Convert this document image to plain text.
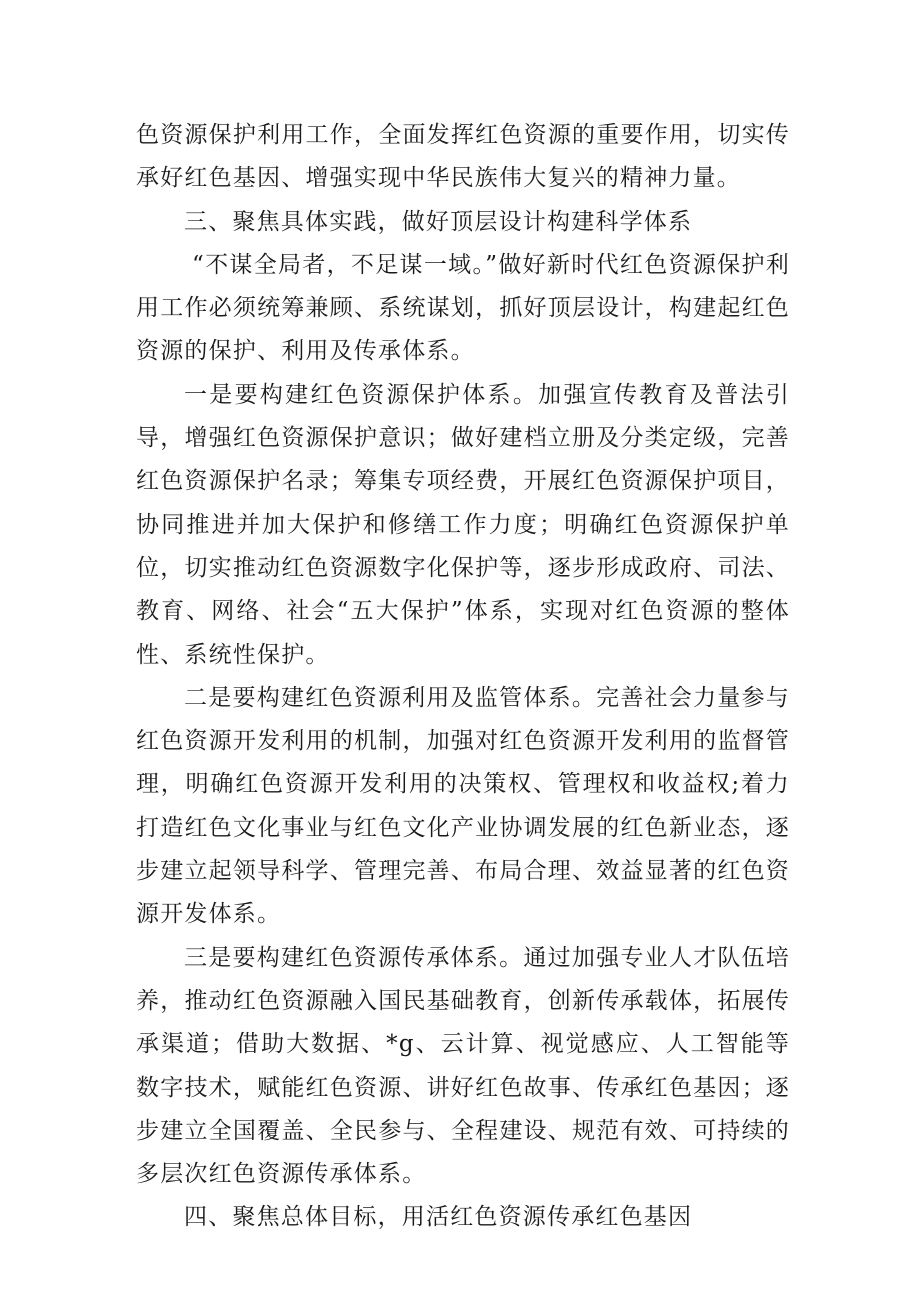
色资源保护利用工作，全面发挥红色资源的重要作用，切实传承好红色基因、增强实现中华民族伟大复兴的精神力量。

三、聚焦具体实践，做好顶层设计构建科学体系

“不谋全局者，不足谋一域。”做好新时代红色资源保护利用工作必须统筹兼顾、系统谋划，抓好顶层设计，构建起红色资源的保护、利用及传承体系。

一是要构建红色资源保护体系。加强宣传教育及普法引导，增强红色资源保护意识；做好建档立册及分类定级，完善红色资源保护名录；筹集专项经费，开展红色资源保护项目，协同推进并加大保护和修缮工作力度；明确红色资源保护单位，切实推动红色资源数字化保护等，逐步形成政府、司法、教育、网络、社会“五大保护”体系，实现对红色资源的整体性、系统性保护。

二是要构建红色资源利用及监管体系。完善社会力量参与红色资源开发利用的机制，加强对红色资源开发利用的监督管理，明确红色资源开发利用的决策权、管理权和收益权;着力打造红色文化事业与红色文化产业协调发展的红色新业态，逐步建立起领导科学、管理完善、布局合理、效益显著的红色资源开发体系。

三是要构建红色资源传承体系。通过加强专业人才队伍培养，推动红色资源融入国民基础教育，创新传承载体，拓展传承渠道；借助大数据、*g、云计算、视觉感应、人工智能等数字技术，赋能红色资源、讲好红色故事、传承红色基因；逐步建立全国覆盖、全民参与、全程建设、规范有效、可持续的多层次红色资源传承体系。

四、聚焦总体目标，用活红色资源传承红色基因
